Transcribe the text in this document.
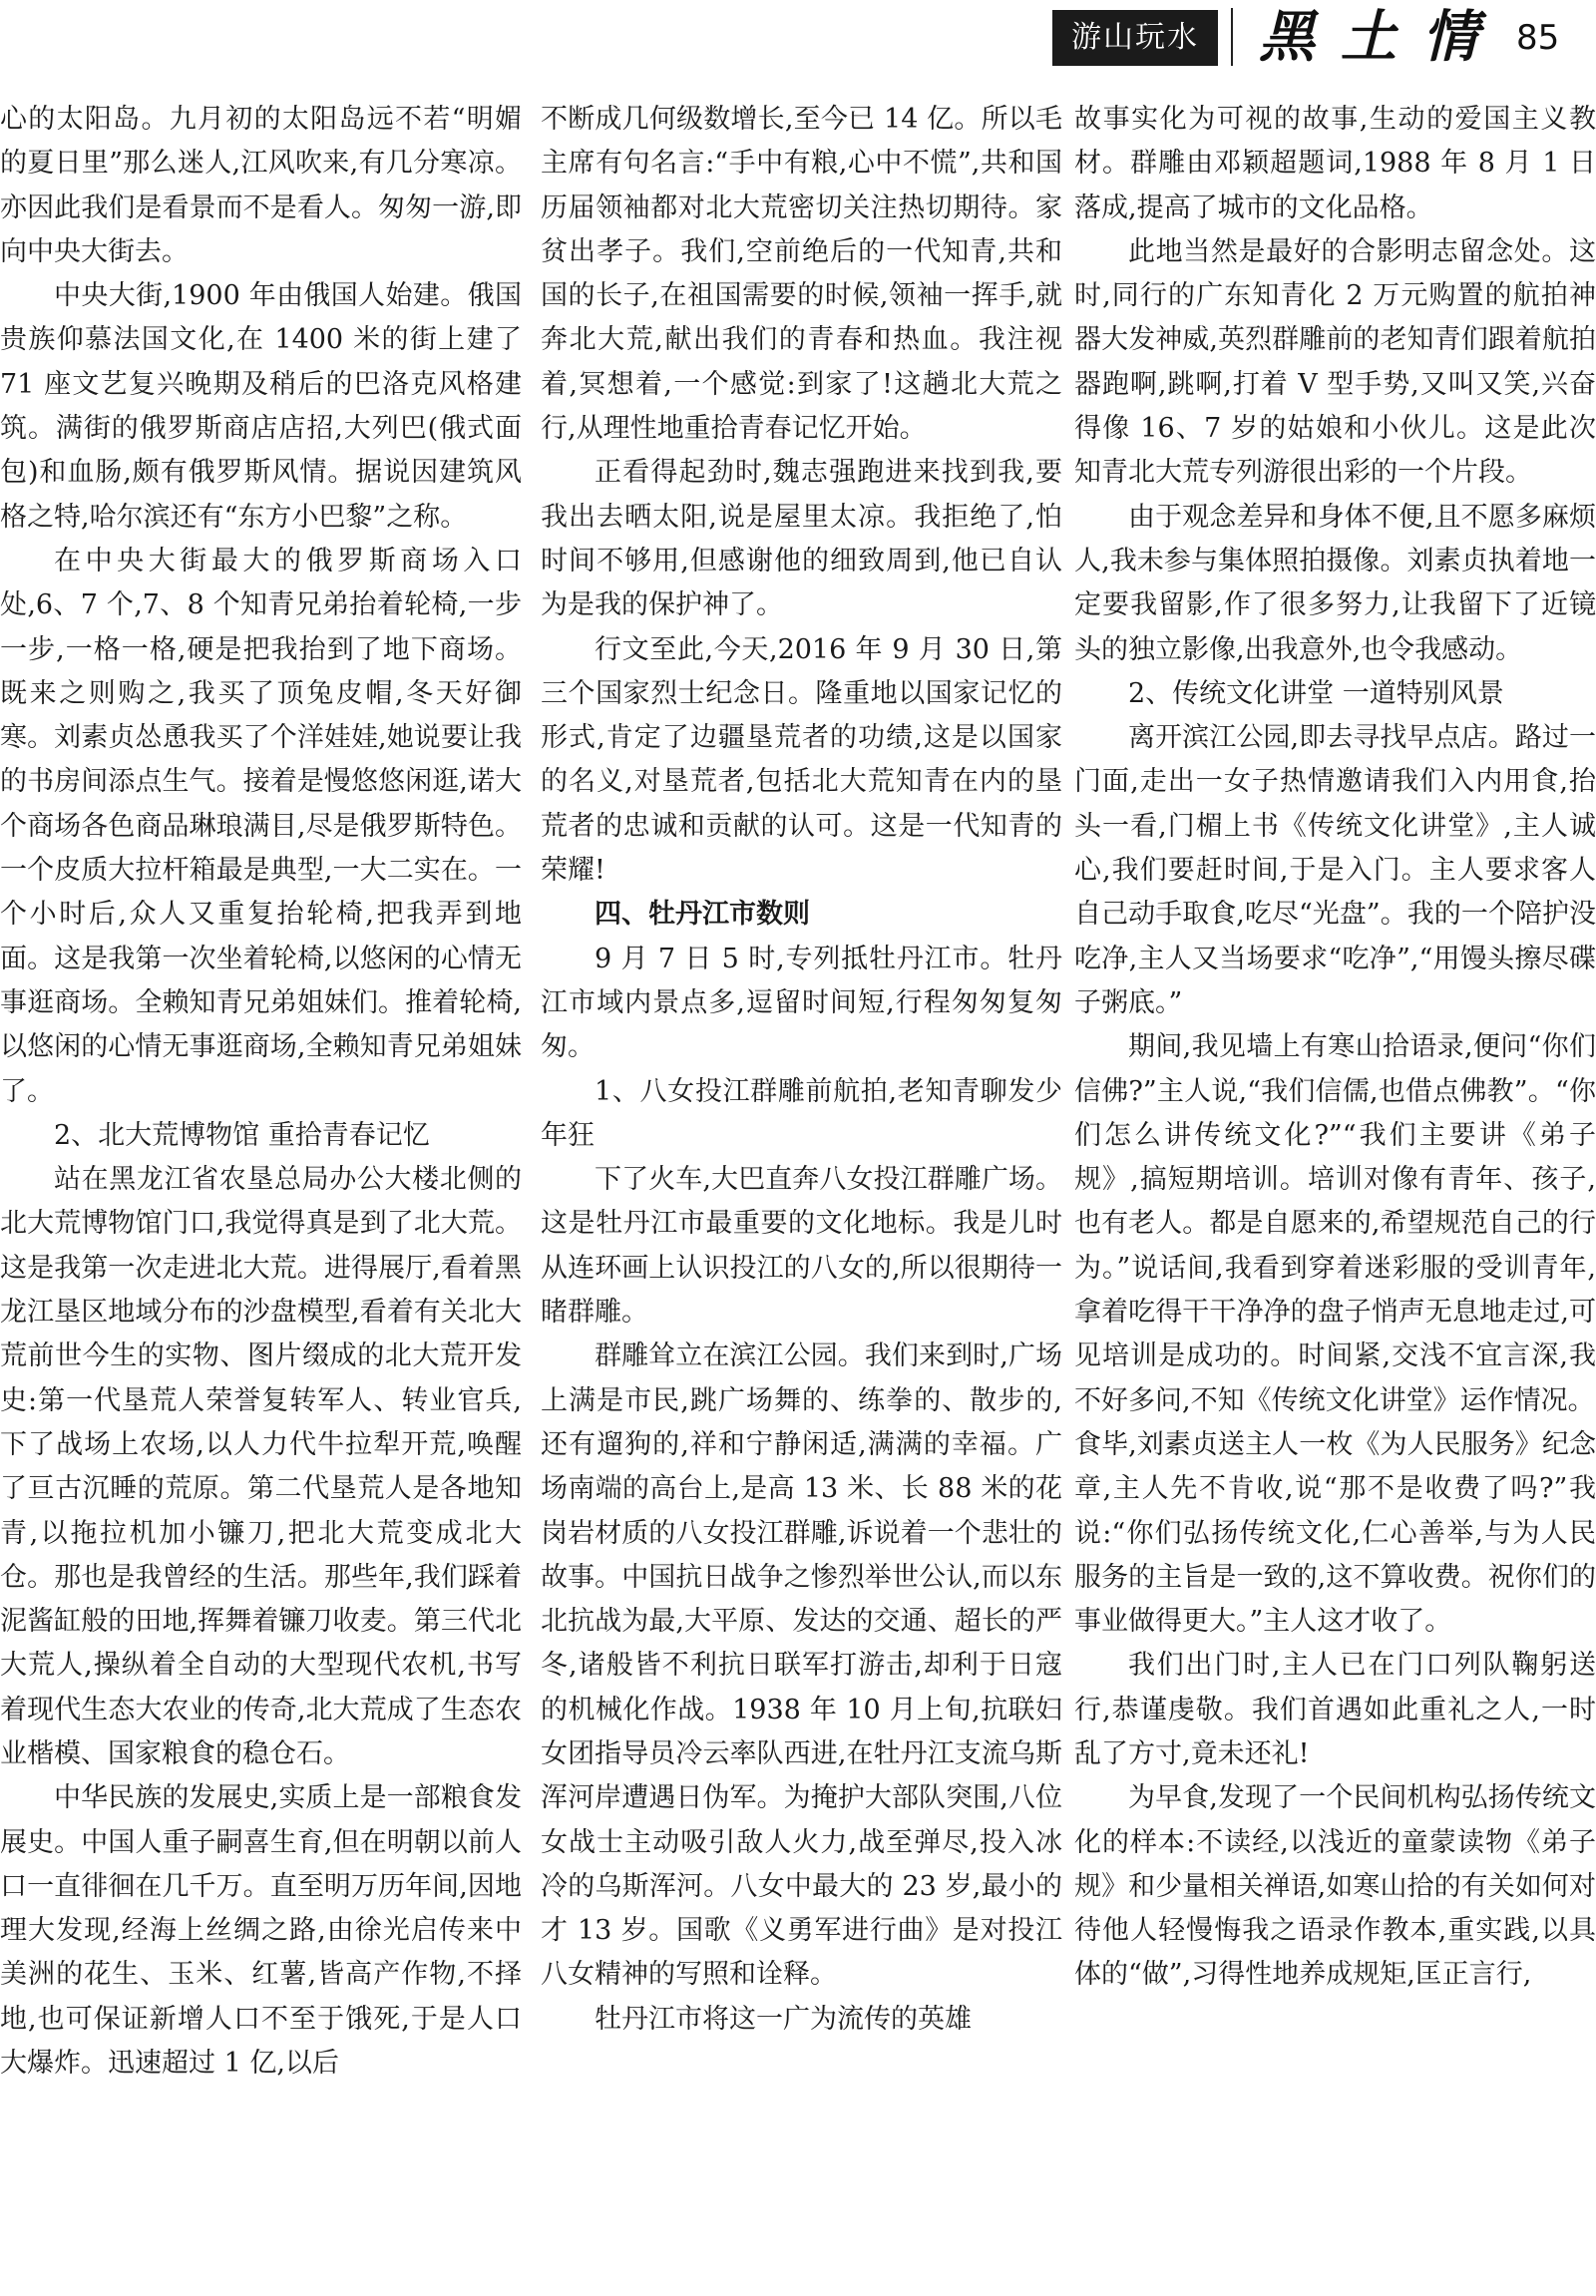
游山玩水	黑土情 85

心的太阳岛。九月初的太阳岛远不若“明媚的夏日里”那么迷人,江风吹来,有几分寒凉。亦因此我们是看景而不是看人。匆匆一游,即向中央大街去。

中央大街,1900 年由俄国人始建。俄国贵族仰慕法国文化,在 1400 米的街上建了 71 座文艺复兴晚期及稍后的巴洛克风格建筑。满街的俄罗斯商店店招,大列巴(俄式面包)和血肠,颇有俄罗斯风情。据说因建筑风格之特,哈尔滨还有“东方小巴黎”之称。

在中央大街最大的俄罗斯商场入口处,6、7 个,7、8 个知青兄弟抬着轮椅,一步一步,一格一格,硬是把我抬到了地下商场。既来之则购之,我买了顶兔皮帽,冬天好御寒。刘素贞怂恿我买了个洋娃娃,她说要让我的书房间添点生气。接着是慢悠悠闲逛,诺大个商场各色商品琳琅满目,尽是俄罗斯特色。一个皮质大拉杆箱最是典型,一大二实在。一个小时后,众人又重复抬轮椅,把我弄到地面。这是我第一次坐着轮椅,以悠闲的心情无事逛商场。全赖知青兄弟姐妹们。推着轮椅,以悠闲的心情无事逛商场,全赖知青兄弟姐妹了。

2、北大荒博物馆 重拾青春记忆

站在黑龙江省农垦总局办公大楼北侧的北大荒博物馆门口,我觉得真是到了北大荒。这是我第一次走进北大荒。进得展厅,看着黑龙江垦区地域分布的沙盘模型,看着有关北大荒前世今生的实物、图片缀成的北大荒开发史:第一代垦荒人荣誉复转军人、转业官兵,下了战场上农场,以人力代牛拉犁开荒,唤醒了亘古沉睡的荒原。第二代垦荒人是各地知青,以拖拉机加小镰刀,把北大荒变成北大仓。那也是我曾经的生活。那些年,我们踩着泥酱缸般的田地,挥舞着镰刀收麦。第三代北大荒人,操纵着全自动的大型现代农机,书写着现代生态大农业的传奇,北大荒成了生态农业楷模、国家粮食的稳仓石。

中华民族的发展史,实质上是一部粮食发展史。中国人重子嗣喜生育,但在明朝以前人口一直徘徊在几千万。直至明万历年间,因地理大发现,经海上丝绸之路,由徐光启传来中美洲的花生、玉米、红薯,皆高产作物,不择地,也可保证新增人口不至于饿死,于是人口大爆炸。迅速超过 1 亿,以后

不断成几何级数增长,至今已 14 亿。所以毛主席有句名言:“手中有粮,心中不慌”,共和国历届领袖都对北大荒密切关注热切期待。家贫出孝子。我们,空前绝后的一代知青,共和国的长子,在祖国需要的时候,领袖一挥手,就奔北大荒,献出我们的青春和热血。我注视着,冥想着,一个感觉:到家了!这趟北大荒之行,从理性地重拾青春记忆开始。

正看得起劲时,魏志强跑进来找到我,要我出去晒太阳,说是屋里太凉。我拒绝了,怕时间不够用,但感谢他的细致周到,他已自认为是我的保护神了。

行文至此,今天,2016 年 9 月 30 日,第三个国家烈士纪念日。隆重地以国家记忆的形式,肯定了边疆垦荒者的功绩,这是以国家的名义,对垦荒者,包括北大荒知青在内的垦荒者的忠诚和贡献的认可。这是一代知青的荣耀!

四、牡丹江市数则

9 月 7 日 5 时,专列抵牡丹江市。牡丹江市域内景点多,逗留时间短,行程匆匆复匆匆。

1、八女投江群雕前航拍,老知青聊发少年狂

下了火车,大巴直奔八女投江群雕广场。这是牡丹江市最重要的文化地标。我是儿时从连环画上认识投江的八女的,所以很期待一睹群雕。

群雕耸立在滨江公园。我们来到时,广场上满是市民,跳广场舞的、练拳的、散步的,还有遛狗的,祥和宁静闲适,满满的幸福。广场南端的高台上,是高 13 米、长 88 米的花岗岩材质的八女投江群雕,诉说着一个悲壮的故事。中国抗日战争之惨烈举世公认,而以东北抗战为最,大平原、发达的交通、超长的严冬,诸般皆不利抗日联军打游击,却利于日寇的机械化作战。1938 年 10 月上旬,抗联妇女团指导员冷云率队西进,在牡丹江支流乌斯浑河岸遭遇日伪军。为掩护大部队突围,八位女战士主动吸引敌人火力,战至弹尽,投入冰冷的乌斯浑河。八女中最大的 23 岁,最小的才 13 岁。国歌《义勇军进行曲》是对投江八女精神的写照和诠释。

牡丹江市将这一广为流传的英雄

故事实化为可视的故事,生动的爱国主义教材。群雕由邓颖超题词,1988 年 8 月 1 日落成,提高了城市的文化品格。

此地当然是最好的合影明志留念处。这时,同行的广东知青化 2 万元购置的航拍神器大发神威,英烈群雕前的老知青们跟着航拍器跑啊,跳啊,打着 V 型手势,又叫又笑,兴奋得像 16、7 岁的姑娘和小伙儿。这是此次知青北大荒专列游很出彩的一个片段。

由于观念差异和身体不便,且不愿多麻烦人,我未参与集体照拍摄像。刘素贞执着地一定要我留影,作了很多努力,让我留下了近镜头的独立影像,出我意外,也令我感动。

2、传统文化讲堂 一道特别风景

离开滨江公园,即去寻找早点店。路过一门面,走出一女子热情邀请我们入内用食,抬头一看,门楣上书《传统文化讲堂》,主人诚心,我们要赶时间,于是入门。主人要求客人自己动手取食,吃尽“光盘”。我的一个陪护没吃净,主人又当场要求“吃净”,“用馒头擦尽碟子粥底。”

期间,我见墙上有寒山拾语录,便问“你们信佛?”主人说,“我们信儒,也借点佛教”。“你们怎么讲传统文化?”“我们主要讲《弟子规》,搞短期培训。培训对像有青年、孩子,也有老人。都是自愿来的,希望规范自己的行为。”说话间,我看到穿着迷彩服的受训青年,拿着吃得干干净净的盘子悄声无息地走过,可见培训是成功的。时间紧,交浅不宜言深,我不好多问,不知《传统文化讲堂》运作情况。

食毕,刘素贞送主人一枚《为人民服务》纪念章,主人先不肯收,说“那不是收费了吗?”我说:“你们弘扬传统文化,仁心善举,与为人民服务的主旨是一致的,这不算收费。祝你们的事业做得更大。”主人这才收了。

我们出门时,主人已在门口列队鞠躬送行,恭谨虔敬。我们首遇如此重礼之人,一时乱了方寸,竟未还礼!

为早食,发现了一个民间机构弘扬传统文化的样本:不读经,以浅近的童蒙读物《弟子规》和少量相关禅语,如寒山拾的有关如何对待他人轻慢悔我之语录作教本,重实践,以具体的“做”,习得性地养成规矩,匡正言行,
